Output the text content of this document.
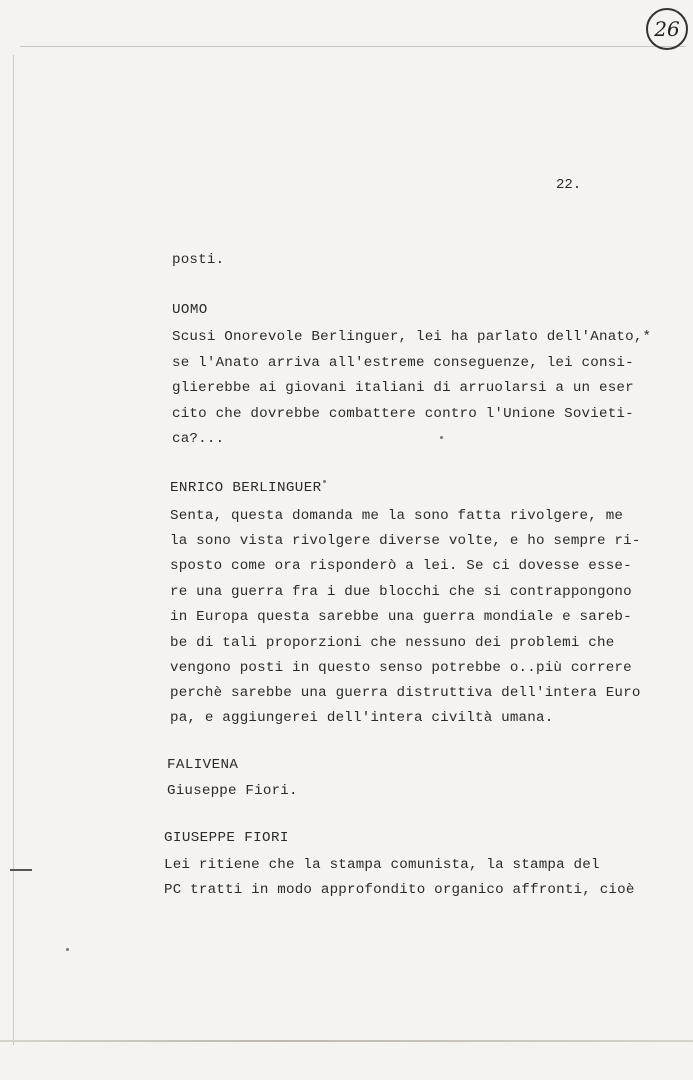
26
22.
posti.
UOMO
Scusi Onorevole Berlinguer, lei ha parlato dell'Anato,*
se l'Anato arriva all'estreme conseguenze, lei consi-
glierebbe ai giovani italiani di arruolarsi a un eser
cito che dovrebbe combattere contro l'Unione Sovieti-
ca?...
ENRICO BERLINGUER
Senta, questa domanda me la sono fatta rivolgere, me
la sono vista rivolgere diverse volte, e ho sempre ri-
sposto come ora risponderò a lei. Se ci dovesse esse-
re una guerra fra i due blocchi che si contrappongono
in Europa questa sarebbe una guerra mondiale e sareb-
be di tali proporzioni che nessuno dei problemi che
vengono posti in questo senso potrebbe o..più correre
perchè sarebbe una guerra distruttiva dell'intera Euro
pa, e aggiungerei dell'intera civiltà umana.
FALIVENA
Giuseppe Fiori.
GIUSEPPE FIORI
Lei ritiene che la stampa comunista, la stampa del
PC tratti in modo approfondito organico affronti, cioè
